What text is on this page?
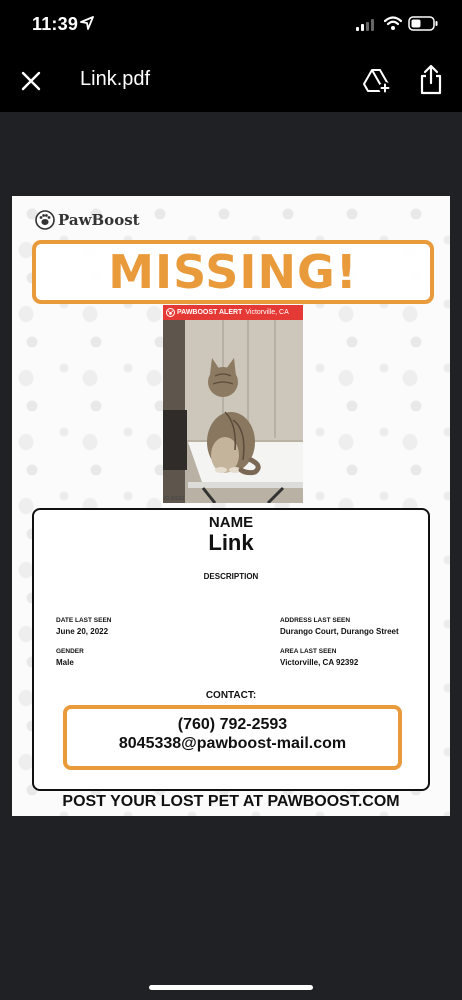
11:39
Link.pdf
PawBoost
MISSING!
PAWBOOST ALERT Victorville, CA
ID 36622
NAME
Link
DESCRIPTION
DATE LAST SEEN
June 20, 2022
ADDRESS LAST SEEN
Durango Court, Durango Street
GENDER
Male
AREA LAST SEEN
Victorville, CA 92392
CONTACT:
(760) 792-2593
8045338@pawboost-mail.com
POST YOUR LOST PET AT PAWBOOST.COM
